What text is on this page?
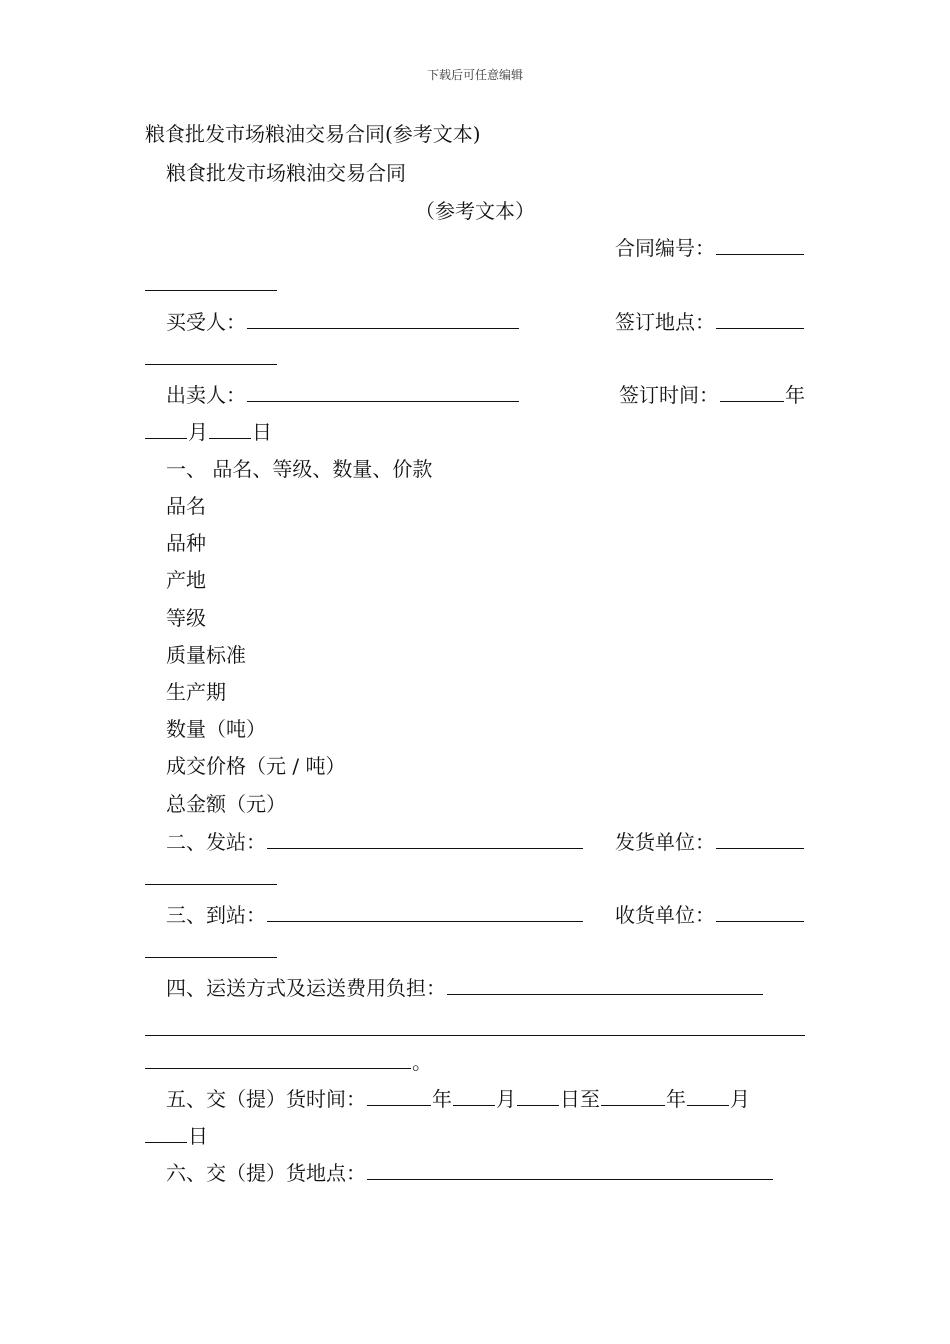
下载后可任意编辑
粮食批发市场粮油交易合同(参考文本)
粮食批发市场粮油交易合同
（参考文本）
合同编号：
买受人：	签订地点：
出卖人：	签订时间：	年
月 日
一、 品名、等级、数量、价款
品名
品种
产地
等级
质量标准
生产期
数量（吨）
成交价格（元 / 吨）
总金额（元）
二、发站：	发货单位：
三、到站：	收货单位：
四、运送方式及运送费用负担：
。
五、交（提）货时间：	年 月 日至	年 月
日
六、交（提）货地点：
